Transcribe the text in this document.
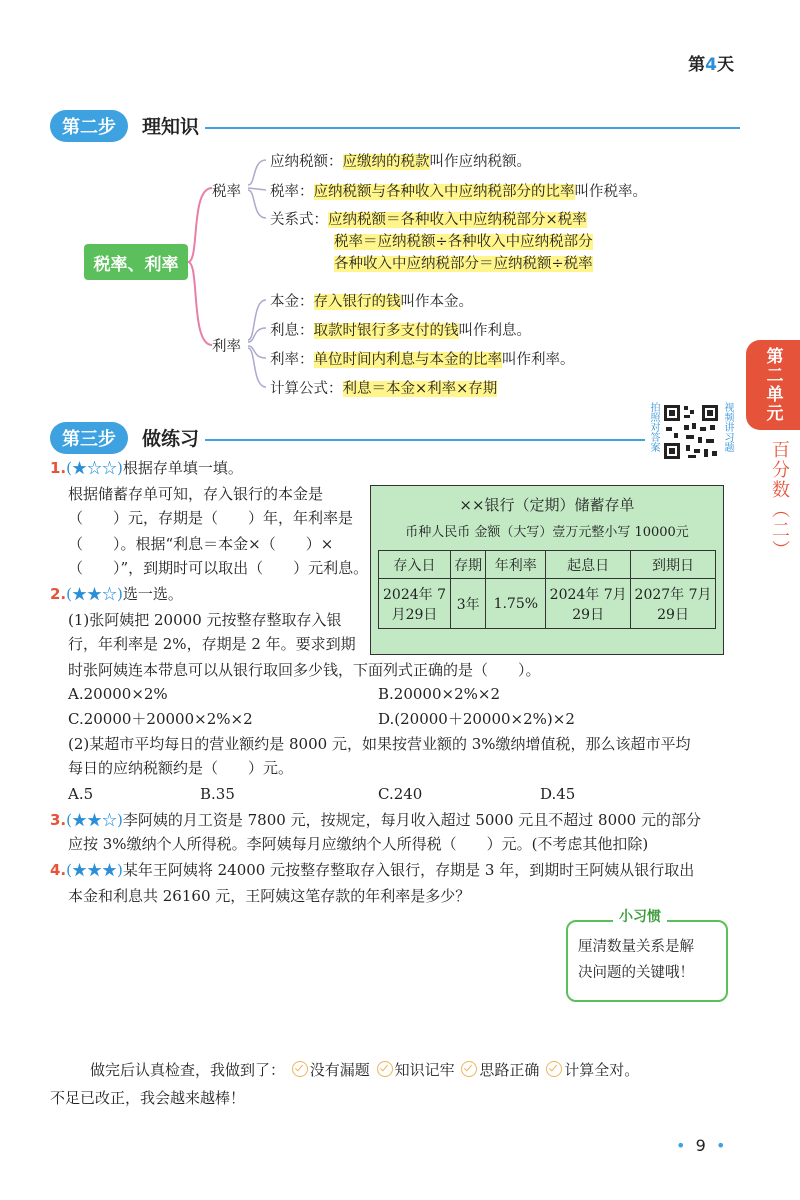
第4天
第二步	理知识
税率、利率
税率
应纳税额：应缴纳的税款叫作应纳税额。
税率：应纳税额与各种收入中应纳税部分的比率叫作税率。
关系式：应纳税额＝各种收入中应纳税部分×税率
税率＝应纳税额÷各种收入中应纳税部分
各种收入中应纳税部分＝应纳税额÷税率
利率
本金：存入银行的钱叫作本金。
利息：取款时银行多支付的钱叫作利息。
利率：单位时间内利息与本金的比率叫作利率。
计算公式：利息＝本金×利率×存期	第二单元
百分数（二）
拍照对答案	视频讲习题
第三步	做练习
1.(★☆☆)根据存单填一填。
根据储蓄存单可知，存入银行的本金是
（　　）元，存期是（　　）年，年利率是
（　　）。根据“利息＝本金×（　　）×
（　　）”，到期时可以取出（　　）元利息。
××银行（定期）储蓄存单
币种人民币 金额（大写）壹万元整小写 10000元
存入日	存期	年利率	起息日	到期日
2024年 7月29日	3年	1.75%	2024年 7月29日	2027年 7月29日
2.(★★☆)选一选。
(1)张阿姨把 20000 元按整存整取存入银
行，年利率是 2%，存期是 2 年。要求到期
时张阿姨连本带息可以从银行取回多少钱，下面列式正确的是（　　）。
A.20000×2%	B.20000×2%×2
C.20000＋20000×2%×2	D.(20000＋20000×2%)×2
(2)某超市平均每日的营业额约是 8000 元，如果按营业额的 3%缴纳增值税，那么该超市平均
每日的应纳税额约是（　　）元。
A.5	B.35	C.240	D.45
3.(★★☆)李阿姨的月工资是 7800 元，按规定，每月收入超过 5000 元且不超过 8000 元的部分
应按 3%缴纳个人所得税。李阿姨每月应缴纳个人所得税（　　）元。(不考虑其他扣除)
4.(★★★)某年王阿姨将 24000 元按整存整取存入银行，存期是 3 年，到期时王阿姨从银行取出
本金和利息共 26160 元，王阿姨这笔存款的年利率是多少？
小习惯
厘清数量关系是解
决问题的关键哦！
做完后认真检查，我做到了： 没有漏题 知识记牢 思路正确 计算全对。
不足已改正，我会越来越棒！
• 9 •
